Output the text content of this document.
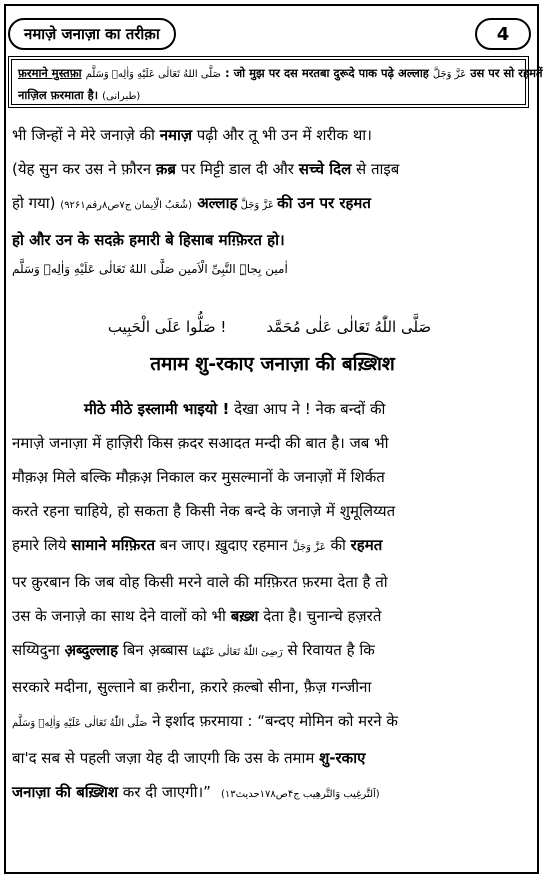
नमाज़े जनाज़ा का तरीक़ा	4
फ़रमाने मुस्तफ़ा صَلَّى اللهُ تَعَالٰى عَلَيْهِ وَاٰلِهٖ وَسَلَّم : जो मुझ पर दस मरतबा दुरूदे पाक पढ़े अल्लाह عَزَّ وَجَلَّ उस पर सो रहमतें
नाज़िल फ़रमाता है। (طبرانی)
भी जिन्हों ने मेरे जनाज़े की नमाज़ पढ़ी और तू भी उन में शरीक था।
(येह सुन कर उस ने फ़ौरन क़ब्र पर मिट्टी डाल दी और सच्चे दिल से ताइब
हो गया) (شُعَبُ الْاِيمان ج۷ص۸رقم۹۲۶۱) अल्लाह عَزَّ وَجَلَّ की उन पर रहमत
हो और उन के सदक़े हमारी बे हिसाब मग़्फ़िरत हो।
اٰمین بِجاہِ النَّبِیِّ الْاَمین صَلَّى اللهُ تَعَالٰى عَلَيْهِ وَاٰلِهٖ وَسَلَّم
صَلُّوا عَلَى الْحَبِيب !	صَلَّى اللّٰهُ تَعَالٰى عَلٰى مُحَمَّد
तमाम शु-रकाए जनाज़ा की बख़्शिश
मीठे मीठे इस्लामी भाइयो ! देखा आप ने ! नेक बन्दों की
नमाज़े जनाज़ा में हाज़िरी किस क़दर सआदत मन्दी की बात है। जब भी
मौक़अ़ मिले बल्कि मौक़अ़ निकाल कर मुसल्मानों के जनाज़ों में शिर्कत
करते रहना चाहिये, हो सकता है किसी नेक बन्दे के जनाज़े में शुमूलिय्यत
हमारे लिये सामाने मग़्फ़िरत बन जाए। ख़ुदाए रहमान عَزَّ وَجَلَّ की रहमत
पर क़ुरबान कि जब वोह किसी मरने वाले की मग़्फ़िरत फ़रमा देता है तो
उस के जनाज़े का साथ देने वालों को भी बख़्श देता है। चुनान्चे हज़रते
सय्यिदुना अ़ब्दुल्लाह बिन अ़ब्बास رَضِىَ اللّٰهُ تَعَالٰى عَنْهُمَا से रिवायत है कि
सरकारे मदीना, सुल्ताने बा क़रीना, क़रारे क़ल्बो सीना, फ़ैज़ गन्जीना
صَلَّى اللّٰهُ تَعَالٰى عَلَيْهِ وَاٰلِهٖ وَسَلَّم ने इर्शाद फ़रमाया : “बन्दए मोमिन को मरने के
बा'द सब से पहली जज़ा येह दी जाएगी कि उस के तमाम शु-रकाए
जनाज़ा की बख़्शिश कर दी जाएगी।” (اَلتَّرغِیب وَالتَّرهِيب ج۴ص۱۷۸حدیث۱۳)
